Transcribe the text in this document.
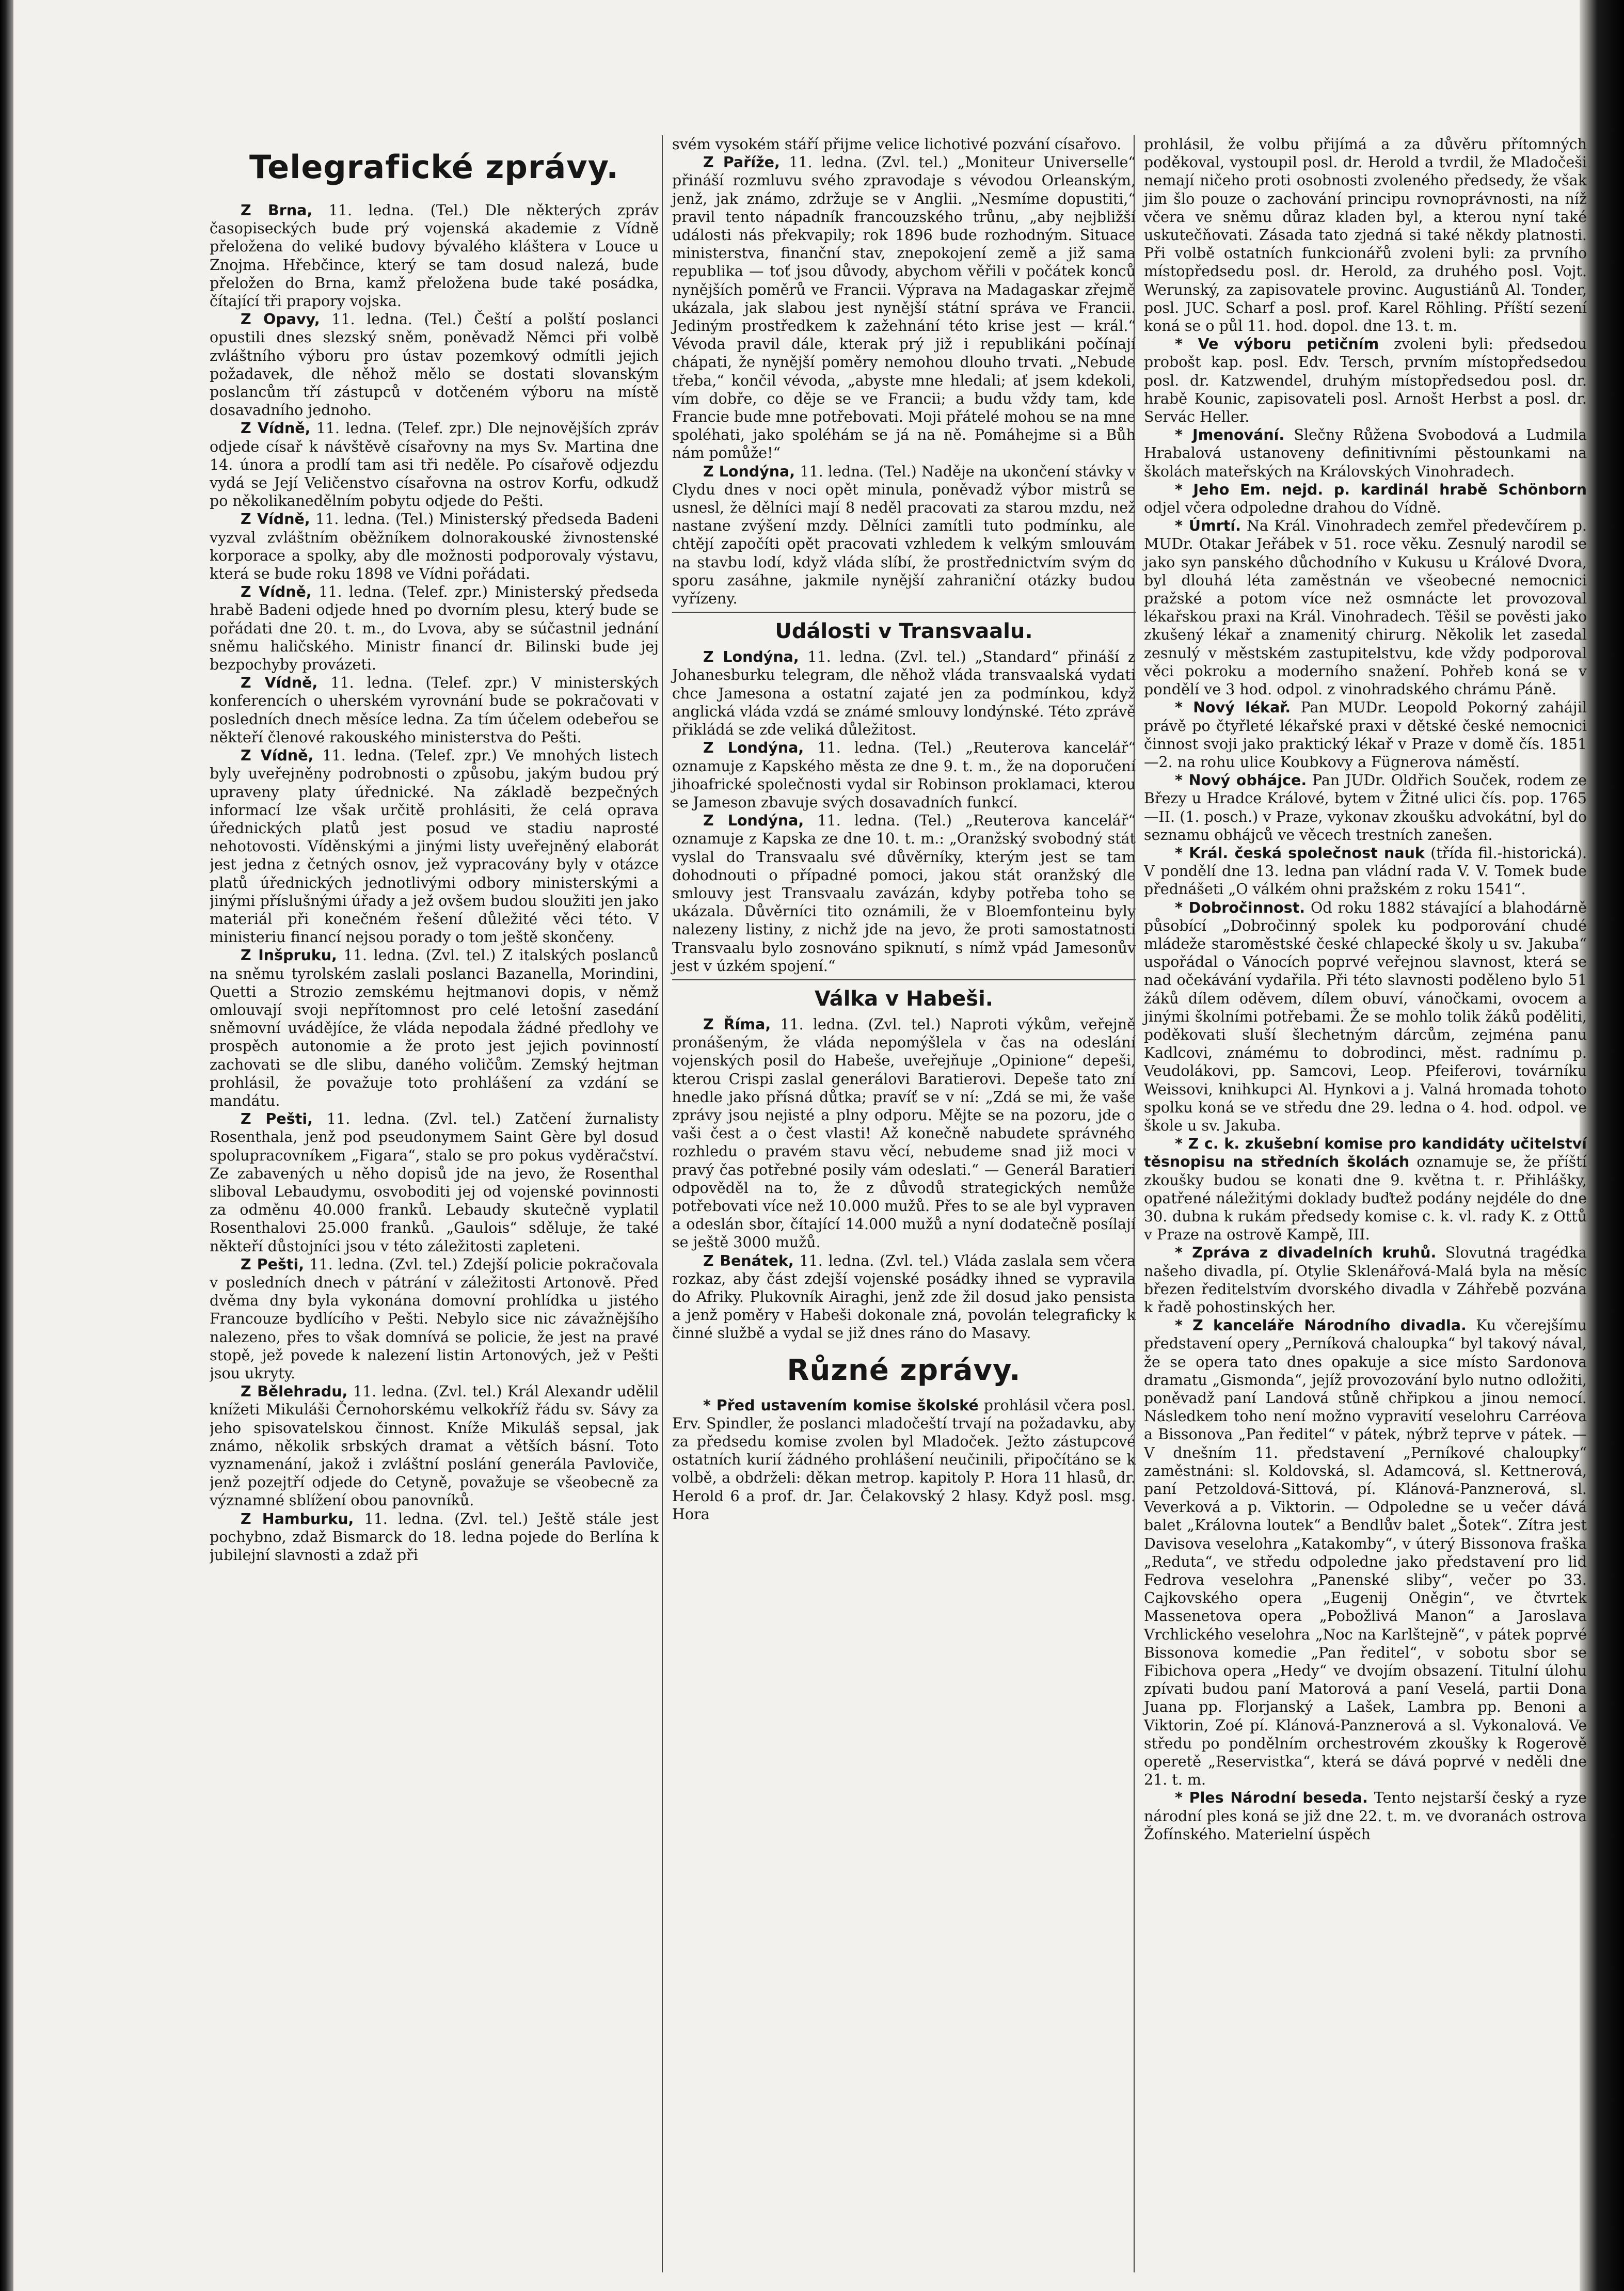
Telegrafické zprávy.

Z Brna, 11. ledna. (Tel.) Dle některých zpráv časopiseckých bude prý vojenská akademie z Vídně přeložena do veliké budovy bývalého kláštera v Louce u Znojma. Hřebčince, který se tam dosud nalezá, bude přeložen do Brna, kamž přeložena bude také posádka, čítající tři prapory vojska.

Z Opavy, 11. ledna. (Tel.) Čeští a polští poslanci opustili dnes slezský sněm, poněvadž Němci při volbě zvláštního výboru pro ústav pozemkový odmítli jejich požadavek, dle něhož mělo se dostati slovanským poslancům tří zástupců v dotčeném výboru na místě dosavadního jednoho.

Z Vídně, 11. ledna. (Telef. zpr.) Dle nejnovějších zpráv odjede císař k návštěvě císařovny na mys Sv. Martina dne 14. února a prodlí tam asi tři neděle. Po císařově odjezdu vydá se Její Veličenstvo císařovna na ostrov Korfu, odkudž po několikanedělním pobytu odjede do Pešti.

Z Vídně, 11. ledna. (Tel.) Ministerský předseda Badeni vyzval zvláštním oběžníkem dolnorakouské živnostenské korporace a spolky, aby dle možnosti podporovaly výstavu, která se bude roku 1898 ve Vídni pořádati.

Z Vídně, 11. ledna. (Telef. zpr.) Ministerský předseda hrabě Badeni odjede hned po dvorním plesu, který bude se pořádati dne 20. t. m., do Lvova, aby se súčastnil jednání sněmu haličského. Ministr financí dr. Bilinski bude jej bezpochyby provázeti.

Z Vídně, 11. ledna. (Telef. zpr.) V ministerských konferencích o uherském vyrovnání bude se pokračovati v posledních dnech měsíce ledna. Za tím účelem odebeřou se někteří členové rakouského ministerstva do Pešti.

Z Vídně, 11. ledna. (Telef. zpr.) Ve mnohých listech byly uveřejněny podrobnosti o způsobu, jakým budou prý upraveny platy úřednické. Na základě bezpečných informací lze však určitě prohlásiti, že celá oprava úřednických platů jest posud ve stadiu naprosté nehotovosti. Víděnskými a jinými listy uveřejněný elaborát jest jedna z četných osnov, jež vypracovány byly v otázce platů úřednických jednotlivými odbory ministerskými a jinými příslušnými úřady a jež ovšem budou sloužiti jen jako materiál při konečném řešení důležité věci této. V ministeriu financí nejsou porady o tom ještě skončeny.

Z Inšpruku, 11. ledna. (Zvl. tel.) Z italských poslanců na sněmu tyrolském zaslali poslanci Bazanella, Morindini, Quetti a Strozio zemskému hejtmanovi dopis, v němž omlouvají svoji nepřítomnost pro celé letošní zasedání sněmovní uvádějíce, že vláda nepodala žádné předlohy ve prospěch autonomie a že proto jest jejich povinností zachovati se dle slibu, daného voličům. Zemský hejtman prohlásil, že považuje toto prohlášení za vzdání se mandátu.

Z Pešti, 11. ledna. (Zvl. tel.) Zatčení žurnalisty Rosenthala, jenž pod pseudonymem Saint Gère byl dosud spolupracovníkem „Figara“, stalo se pro pokus vyděračství. Ze zabavených u něho dopisů jde na jevo, že Rosenthal sliboval Lebaudymu, osvoboditi jej od vojenské povinnosti za odměnu 40.000 franků. Lebaudy skutečně vyplatil Rosenthalovi 25.000 franků. „Gaulois“ sděluje, že také někteří důstojníci jsou v této záležitosti zapleteni.

Z Pešti, 11. ledna. (Zvl. tel.) Zdejší policie pokračovala v posledních dnech v pátrání v záležitosti Artonově. Před dvěma dny byla vykonána domovní prohlídka u jistého Francouze bydlícího v Pešti. Nebylo sice nic závažnějšího nalezeno, přes to však domnívá se policie, že jest na pravé stopě, jež povede k nalezení listin Artonových, jež v Pešti jsou ukryty.

Z Bělehradu, 11. ledna. (Zvl. tel.) Král Alexandr udělil knížeti Mikuláši Černohorskému velkokříž řádu sv. Sávy za jeho spisovatelskou činnost. Kníže Mikuláš sepsal, jak známo, několik srbských dramat a větších básní. Toto vyznamenání, jakož i zvláštní poslání generála Pavloviče, jenž pozejtří odjede do Cetyně, považuje se všeobecně za významné sblížení obou panovníků.

Z Hamburku, 11. ledna. (Zvl. tel.) Ještě stále jest pochybno, zdaž Bismarck do 18. ledna pojede do Berlína k jubilejní slavnosti a zdaž při

svém vysokém stáří přijme velice lichotivé pozvání císařovo.

Z Paříže, 11. ledna. (Zvl. tel.) „Moniteur Universelle“ přináší rozmluvu svého zpravodaje s vévodou Orleanským, jenž, jak známo, zdržuje se v Anglii. „Nesmíme dopustiti,“ pravil tento nápadník francouzského trůnu, „aby nejbližší události nás překvapily; rok 1896 bude rozhodným. Situace ministerstva, finanční stav, znepokojení země a již sama republika — toť jsou důvody, abychom věřili v počátek konců nynějších poměrů ve Francii. Výprava na Madagaskar zřejmě ukázala, jak slabou jest nynější státní správa ve Francii. Jediným prostředkem k zažehnání této krise jest — král.“ Vévoda pravil dále, kterak prý již i republikáni počínají chápati, že nynější poměry nemohou dlouho trvati. „Nebude třeba,“ končil vévoda, „abyste mne hledali; ať jsem kdekoli, vím dobře, co děje se ve Francii; a budu vždy tam, kde Francie bude mne potřebovati. Moji přátelé mohou se na mne spoléhati, jako spoléhám se já na ně. Pomáhejme si a Bůh nám pomůže!“

Z Londýna, 11. ledna. (Tel.) Naděje na ukončení stávky v Clydu dnes v noci opět minula, poněvadž výbor mistrů se usnesl, že dělníci mají 8 neděl pracovati za starou mzdu, než nastane zvýšení mzdy. Dělníci zamítli tuto podmínku, ale chtějí započíti opět pracovati vzhledem k velkým smlouvám na stavbu lodí, když vláda slíbí, že prostřednictvím svým do sporu zasáhne, jakmile nynější zahraniční otázky budou vyřízeny.

Události v Transvaalu.

Z Londýna, 11. ledna. (Zvl. tel.) „Standard“ přináší z Johanesburku telegram, dle něhož vláda transvaalská vydati chce Jamesona a ostatní zajaté jen za podmínkou, když anglická vláda vzdá se známé smlouvy londýnské. Této zprávě přikládá se zde veliká důležitost.

Z Londýna, 11. ledna. (Tel.) „Reuterova kancelář“ oznamuje z Kapského města ze dne 9. t. m., že na doporučení jihoafrické společnosti vydal sir Robinson proklamaci, kterou se Jameson zbavuje svých dosavadních funkcí.

Z Londýna, 11. ledna. (Tel.) „Reuterova kancelář“ oznamuje z Kapska ze dne 10. t. m.: „Oranžský svobodný stát vyslal do Transvaalu své důvěrníky, kterým jest se tam dohodnouti o případné pomoci, jakou stát oranžský dle smlouvy jest Transvaalu zavázán, kdyby potřeba toho se ukázala. Důvěrníci tito oznámili, že v Bloemfonteinu byly nalezeny listiny, z nichž jde na jevo, že proti samostatnosti Transvaalu bylo zosnováno spiknutí, s nímž vpád Jamesonův jest v úzkém spojení.“

Válka v Habeši.

Z Říma, 11. ledna. (Zvl. tel.) Naproti výkům, veřejně pronášeným, že vláda nepomýšlela v čas na odeslání vojenských posil do Habeše, uveřejňuje „Opinione“ depeši, kterou Crispi zaslal generálovi Baratierovi. Depeše tato zní hnedle jako přísná důtka; pravíť se v ní: „Zdá se mi, že vaše zprávy jsou nejisté a plny odporu. Mějte se na pozoru, jde o vaši čest a o čest vlasti! Až konečně nabudete správného rozhledu o pravém stavu věcí, nebudeme snad již moci v pravý čas potřebné posily vám odeslati.“ — Generál Baratieri odpověděl na to, že z důvodů strategických nemůže potřebovati více než 10.000 mužů. Přes to se ale byl vypraven a odeslán sbor, čítající 14.000 mužů a nyní dodatečně posílají se ještě 3000 mužů.

Z Benátek, 11. ledna. (Zvl. tel.) Vláda zaslala sem včera rozkaz, aby část zdejší vojenské posádky ihned se vypravila do Afriky. Plukovník Airaghi, jenž zde žil dosud jako pensista a jenž poměry v Habeši dokonale zná, povolán telegraficky k činné službě a vydal se již dnes ráno do Masavy.

Různé zprávy.

* Před ustavením komise školské prohlásil včera posl. Erv. Spindler, že poslanci mladočeští trvají na požadavku, aby za předsedu komise zvolen byl Mladoček. Ježto zástupcové ostatních kurií žádného prohlášení neučinili, připočítáno se k volbě, a obdrželi: děkan metrop. kapitoly P. Hora 11 hlasů, dr. Herold 6 a prof. dr. Jar. Čelakovský 2 hlasy. Když posl. msg. Hora

prohlásil, že volbu přijímá a za důvěru přítomných poděkoval, vystoupil posl. dr. Herold a tvrdil, že Mladočeši nemají ničeho proti osobnosti zvoleného předsedy, že však jim šlo pouze o zachování principu rovnoprávnosti, na níž včera ve sněmu důraz kladen byl, a kterou nyní také uskutečňovati. Zásada tato zjedná si také někdy platnosti. Při volbě ostatních funkcionářů zvoleni byli: za prvního místopředsedu posl. dr. Herold, za druhého posl. Vojt. Werunský, za zapisovatele provinc. Augustiánů Al. Tonder, posl. JUC. Scharf a posl. prof. Karel Röhling. Příští sezení koná se o půl 11. hod. dopol. dne 13. t. m.

* Ve výboru petičním zvoleni byli: předsedou probošt kap. posl. Edv. Tersch, prvním místopředsedou posl. dr. Katzwendel, druhým místopředsedou posl. dr. hrabě Kounic, zapisovateli posl. Arnošt Herbst a posl. dr. Servác Heller.

* Jmenování. Slečny Růžena Svobodová a Ludmila Hrabalová ustanoveny definitivními pěstounkami na školách mateřských na Královských Vinohradech.

* Jeho Em. nejd. p. kardinál hrabě Schönborn odjel včera odpoledne drahou do Vídně.

* Úmrtí. Na Král. Vinohradech zemřel předevčírem p. MUDr. Otakar Jeřábek v 51. roce věku. Zesnulý narodil se jako syn panského důchodního v Kukusu u Králové Dvora, byl dlouhá léta zaměstnán ve všeobecné nemocnici pražské a potom více než osmnácte let provozoval lékařskou praxi na Král. Vinohradech. Těšil se pověsti jako zkušený lékař a znamenitý chirurg. Několik let zasedal zesnulý v městském zastupitelstvu, kde vždy podporoval věci pokroku a moderního snažení. Pohřeb koná se v pondělí ve 3 hod. odpol. z vinohradského chrámu Páně.

* Nový lékař. Pan MUDr. Leopold Pokorný zahájil právě po čtyřleté lékařské praxi v dětské české nemocnici činnost svoji jako praktický lékař v Praze v domě čís. 1851—2. na rohu ulice Koubkovy a Fügnerova náměstí.

* Nový obhájce. Pan JUDr. Oldřich Souček, rodem ze Březy u Hradce Králové, bytem v Žitné ulici čís. pop. 1765—II. (1. posch.) v Praze, vykonav zkoušku advokátní, byl do seznamu obhájců ve věcech trestních zanešen.

* Král. česká společnost nauk (třída fil.-historická). V pondělí dne 13. ledna pan vládní rada V. V. Tomek bude přednášeti „O válkém ohni pražském z roku 1541“.

* Dobročinnost. Od roku 1882 stávající a blahodárně působící „Dobročinný spolek ku podporování chudé mládeže staroměstské české chlapecké školy u sv. Jakuba“ uspořádal o Vánocích poprvé veřejnou slavnost, která se nad očekávání vydařila. Při této slavnosti poděleno bylo 51 žáků dílem oděvem, dílem obuví, vánočkami, ovocem a jinými školními potřebami. Že se mohlo tolik žáků poděliti, poděkovati sluší šlechetným dárcům, zejména panu Kadlcovi, známému to dobrodinci, měst. radnímu p. Veudolákovi, pp. Samcovi, Leop. Pfeiferovi, továrníku Weissovi, knihkupci Al. Hynkovi a j. Valná hromada tohoto spolku koná se ve středu dne 29. ledna o 4. hod. odpol. ve škole u sv. Jakuba.

* Z c. k. zkušební komise pro kandidáty učitelství těsnopisu na středních školách oznamuje se, že příští zkoušky budou se konati dne 9. května t. r. Přihlášky, opatřené náležitými doklady buďtež podány nejdéle do dne 30. dubna k rukám předsedy komise c. k. vl. rady K. z Ottů v Praze na ostrově Kampě, III.

* Zpráva z divadelních kruhů. Slovutná tragédka našeho divadla, pí. Otylie Sklenářová-Malá byla na měsíc březen ředitelstvím dvorského divadla v Záhřebě pozvána k řadě pohostinských her.

* Z kanceláře Národního divadla. Ku včerejšímu představení opery „Perníková chaloupka“ byl takový nával, že se opera tato dnes opakuje a sice místo Sardonova dramatu „Gismonda“, jejíž provozování bylo nutno odložiti, poněvadž paní Landová stůně chřipkou a jinou nemocí. Následkem toho není možno vypravití veselohru Carréova a Bissonova „Pan ředitel“ v pátek, nýbrž teprve v pátek. — V dnešním 11. představení „Perníkové chaloupky“ zaměstnáni: sl. Koldovská, sl. Adamcová, sl. Kettnerová, paní Petzoldová-Sittová, pí. Klánová-Panznerová, sl. Veverková a p. Viktorin. — Odpoledne se u večer dává balet „Královna loutek“ a Bendlův balet „Šotek“. Zítra jest Davisova veselohra „Katakomby“, v úterý Bissonova fraška „Reduta“, ve středu odpoledne jako představení pro lid Fedrova veselohra „Panenské sliby“, večer po 33. Cajkovského opera „Eugenij Oněgin“, ve čtvrtek Massenetova opera „Pobožlivá Manon“ a Jaroslava Vrchlického veselohra „Noc na Karlštejně“, v pátek poprvé Bissonova komedie „Pan ředitel“, v sobotu sbor se Fibichova opera „Hedy“ ve dvojím obsazení. Titulní úlohu zpívati budou paní Matorová a paní Veselá, partii Dona Juana pp. Florjanský a Lašek, Lambra pp. Benoni a Viktorin, Zoé pí. Klánová-Panznerová a sl. Vykonalová. Ve středu po pondělním orchestrovém zkoušky k Rogerově operetě „Reservistka“, která se dává poprvé v neděli dne 21. t. m.

* Ples Národní beseda. Tento nejstarší český a ryze národní ples koná se již dne 22. t. m. ve dvoranách ostrova Žofínského. Materielní úspěch
